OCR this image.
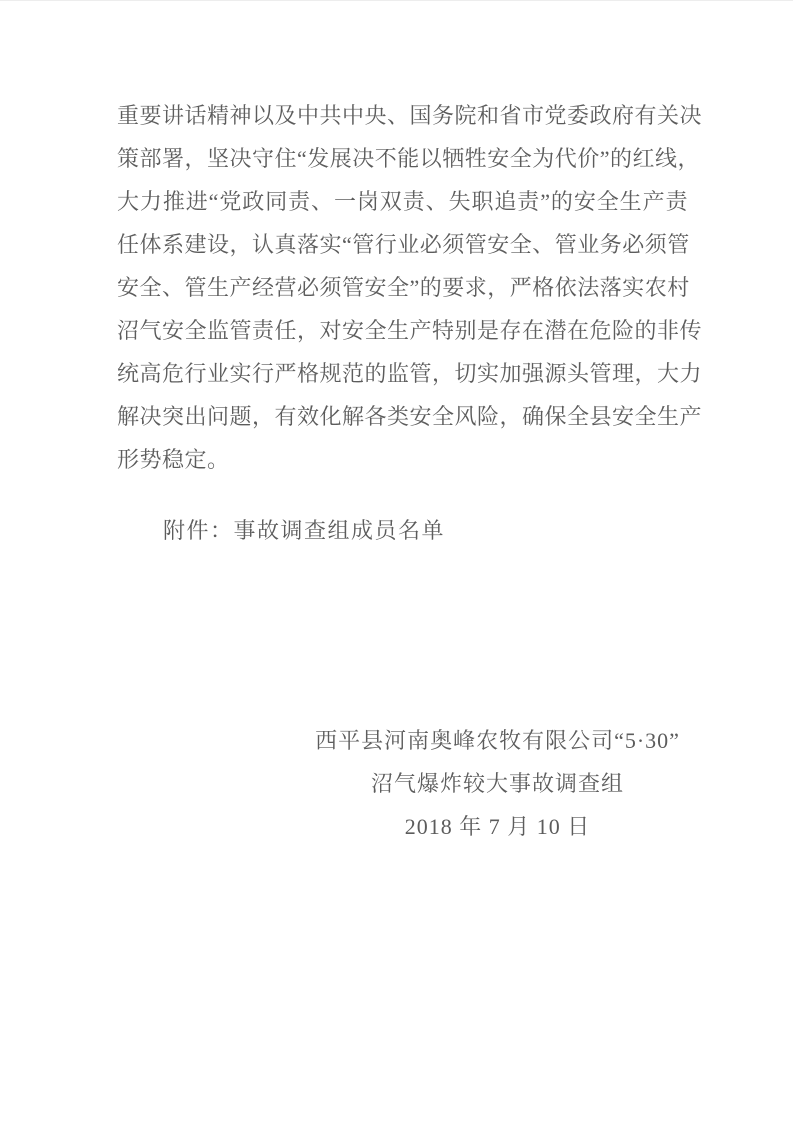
重要讲话精神以及中共中央、国务院和省市党委政府有关决
策部署，坚决守住“发展决不能以牺牲安全为代价”的红线，
大力推进“党政同责、一岗双责、失职追责”的安全生产责
任体系建设，认真落实“管行业必须管安全、管业务必须管
安全、管生产经营必须管安全”的要求，严格依法落实农村
沼气安全监管责任，对安全生产特别是存在潜在危险的非传
统高危行业实行严格规范的监管，切实加强源头管理，大力
解决突出问题，有效化解各类安全风险，确保全县安全生产
形势稳定。
附件：事故调查组成员名单
西平县河南奥峰农牧有限公司“5·30”
沼气爆炸较大事故调查组
2018 年 7 月 10 日
